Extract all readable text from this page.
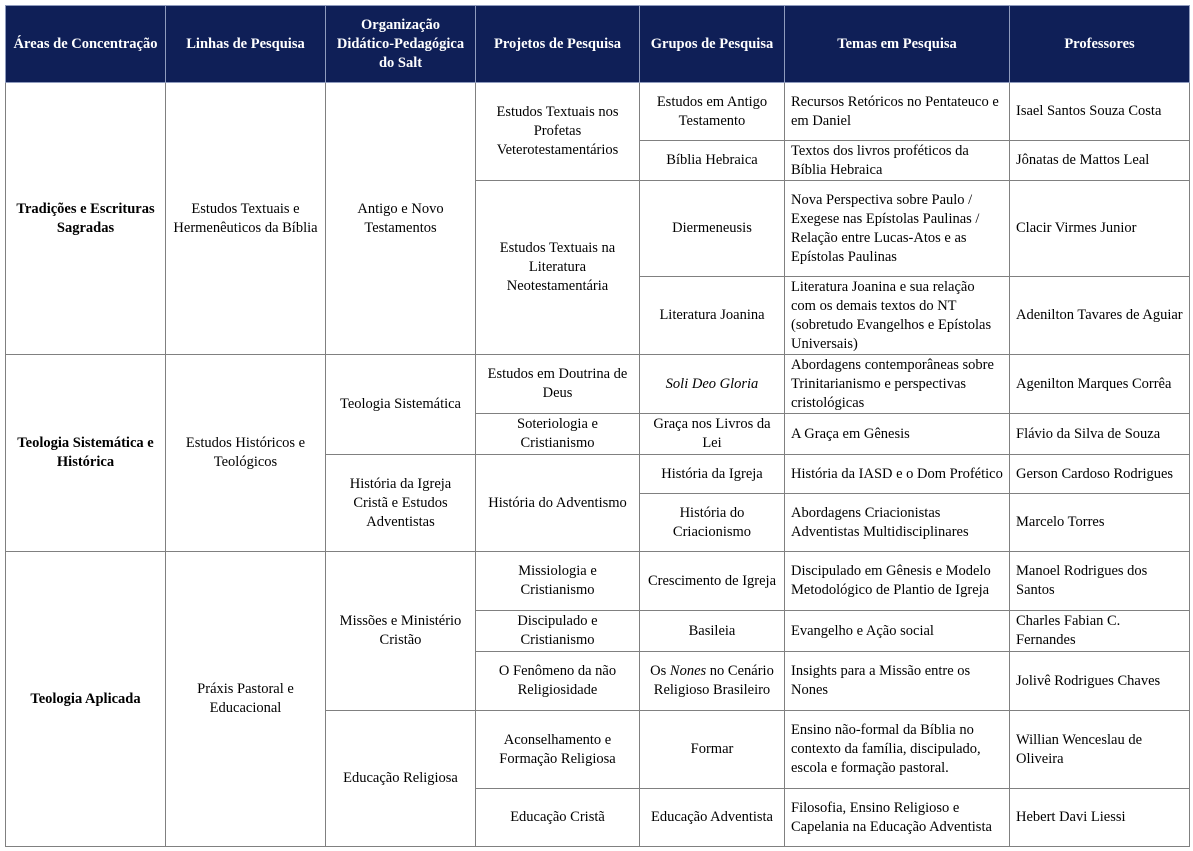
Áreas de Concentração	Linhas de Pesquisa	Organização Didático-Pedagógica do Salt	Projetos de Pesquisa	Grupos de Pesquisa	Temas em Pesquisa	Professores
Tradições e Escrituras Sagradas	Estudos Textuais e Hermenêuticos da Bíblia	Antigo e Novo Testamentos	Estudos Textuais nos Profetas Veterotestamentários	Estudos em Antigo Testamento	Recursos Retóricos no Pentateuco e em Daniel	Isael Santos Souza Costa
				Bíblia Hebraica	Textos dos livros proféticos da Bíblia Hebraica	Jônatas de Mattos Leal
			Estudos Textuais na Literatura Neotestamentária	Diermeneusis	Nova Perspectiva sobre Paulo / Exegese nas Epístolas Paulinas / Relação entre Lucas-Atos e as Epístolas Paulinas	Clacir Virmes Junior
				Literatura Joanina	Literatura Joanina e sua relação com os demais textos do NT (sobretudo Evangelhos e Epístolas Universais)	Adenilton Tavares de Aguiar
Teologia Sistemática e Histórica	Estudos Históricos e Teológicos	Teologia Sistemática	Estudos em Doutrina de Deus	Soli Deo Gloria	Abordagens contemporâneas sobre Trinitarianismo e perspectivas cristológicas	Agenilton Marques Corrêa
			Soteriologia e Cristianismo	Graça nos Livros da Lei	A Graça em Gênesis	Flávio da Silva de Souza
		História da Igreja Cristã e Estudos Adventistas	História do Adventismo	História da Igreja	História da IASD e o Dom Profético	Gerson Cardoso Rodrigues
				História do Criacionismo	Abordagens Criacionistas Adventistas Multidisciplinares	Marcelo Torres
Teologia Aplicada	Práxis Pastoral e Educacional	Missões e Ministério Cristão	Missiologia e Cristianismo	Crescimento de Igreja	Discipulado em Gênesis e Modelo Metodológico de Plantio de Igreja	Manoel Rodrigues dos Santos
			Discipulado e Cristianismo	Basileia	Evangelho e Ação social	Charles Fabian C. Fernandes
			O Fenômeno da não Religiosidade	Os Nones no Cenário Religioso Brasileiro	Insights para a Missão entre os Nones	Jolivê Rodrigues Chaves
		Educação Religiosa	Aconselhamento e Formação Religiosa	Formar	Ensino não-formal da Bíblia no contexto da família, discipulado, escola e formação pastoral.	Willian Wenceslau de Oliveira
			Educação Cristã	Educação Adventista	Filosofia, Ensino Religioso e Capelania na Educação Adventista	Hebert Davi Liessi
